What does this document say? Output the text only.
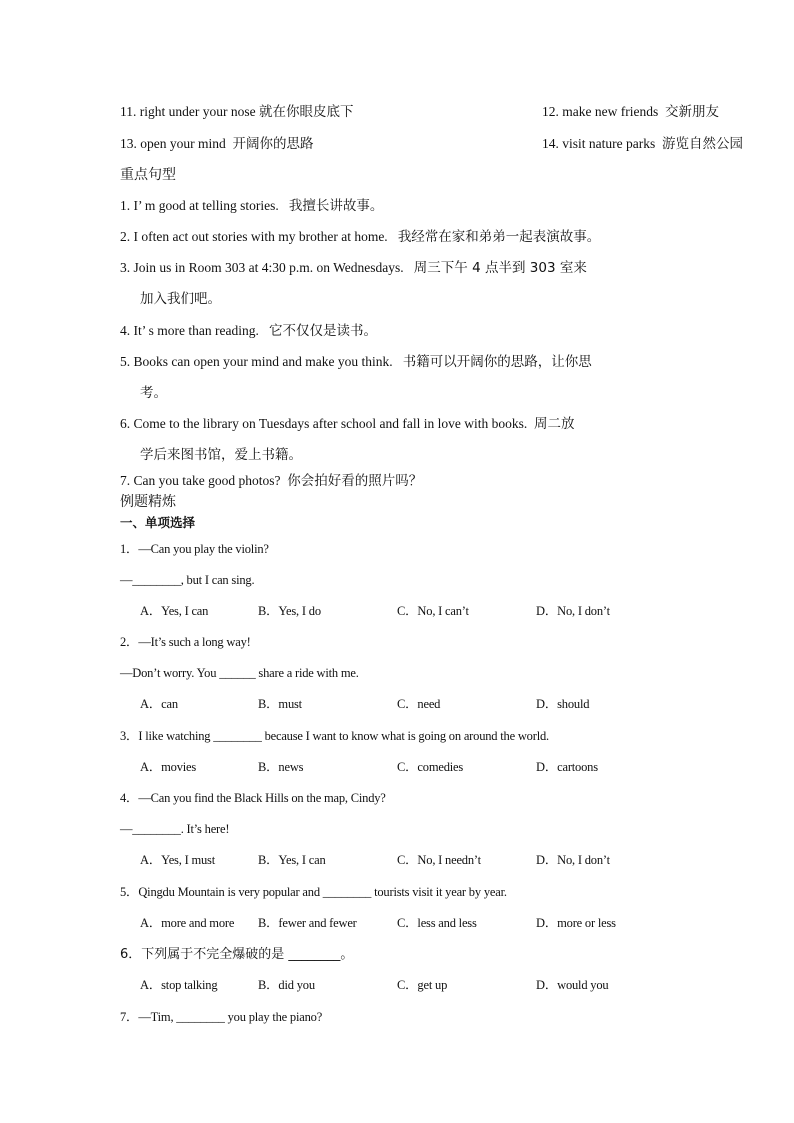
11. right under your nose 就在你眼皮底下	12. make new friends 交新朋友
13. open your mind 开阔你的思路	14. visit nature parks 游览自然公园
重点句型
1. I’ m good at telling stories. 我擅长讲故事。
2. I often act out stories with my brother at home. 我经常在家和弟弟一起表演故事。
3. Join us in Room 303 at 4:30 p.m. on Wednesdays. 周三下午 4 点半到 303 室来
加入我们吧。
4. It’ s more than reading. 它不仅仅是读书。
5. Books can open your mind and make you think. 书籍可以开阔你的思路，让你思
考。
6. Come to the library on Tuesdays after school and fall in love with books. 周二放
学后来图书馆，爱上书籍。
7. Can you take good photos? 你会拍好看的照片吗？
例题精炼
一、单项选择
1．—Can you play the violin?
—________, but I can sing.
A．Yes, I can	B．Yes, I do	C．No, I can’t	D．No, I don’t
2．—It’s such a long way!
—Don’t worry. You ______ share a ride with me.
A．can	B．must	C．need	D．should
3．I like watching ________ because I want to know what is going on around the world.
A．movies	B．news	C．comedies	D．cartoons
4．—Can you find the Black Hills on the map, Cindy?
—________. It’s here!
A．Yes, I must	B．Yes, I can	C．No, I needn’t	D．No, I don’t
5．Qingdu Mountain is very popular and ________ tourists visit it year by year.
A．more and more B．fewer and fewer	C．less and less	D．more or less
6．下列属于不完全爆破的是 ________。
A．stop talking	B．did you	C．get up	D．would you
7．—Tim, ________ you play the piano?
